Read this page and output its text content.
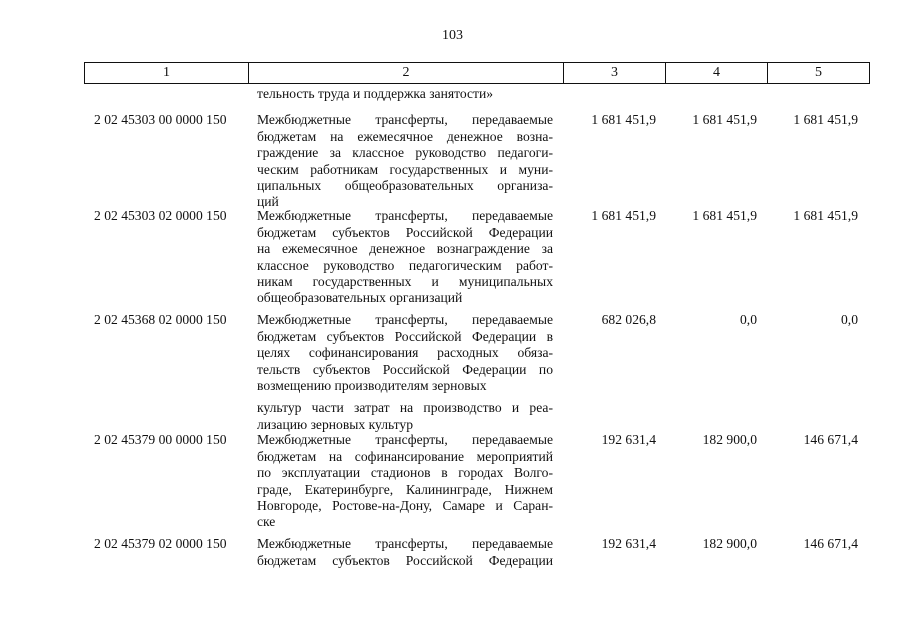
103
1	2	3	4	5
тельность труда и поддержка занятости»
2 02 45303 00 0000 150	Межбюджетные трансферты, передаваемые
бюджетам на ежемесячное денежное возна-
граждение за классное руководство педагоги-
ческим работникам государственных и муни-
ципальных общеобразовательных организа-
ций
1 681 451,9	1 681 451,9	1 681 451,9
2 02 45303 02 0000 150	Межбюджетные трансферты, передаваемые
бюджетам субъектов Российской Федерации
на ежемесячное денежное вознаграждение за
классное руководство педагогическим работ-
никам государственных и муниципальных
общеобразовательных организаций
1 681 451,9	1 681 451,9	1 681 451,9
2 02 45368 02 0000 150	Межбюджетные трансферты, передаваемые
бюджетам субъектов Российской Федерации в
целях софинансирования расходных обяза-
тельств субъектов Российской Федерации по
возмещению производителям зерновых
культур части затрат на производство и реа-
лизацию зерновых культур
682 026,8	0,0	0,0
2 02 45379 00 0000 150	Межбюджетные трансферты, передаваемые
бюджетам на софинансирование мероприятий
по эксплуатации стадионов в городах Волго-
граде, Екатеринбурге, Калининграде, Нижнем
Новгороде, Ростове-на-Дону, Самаре и Саран-
ске
192 631,4	182 900,0	146 671,4
2 02 45379 02 0000 150	Межбюджетные трансферты, передаваемые
бюджетам субъектов Российской Федерации
192 631,4	182 900,0	146 671,4
